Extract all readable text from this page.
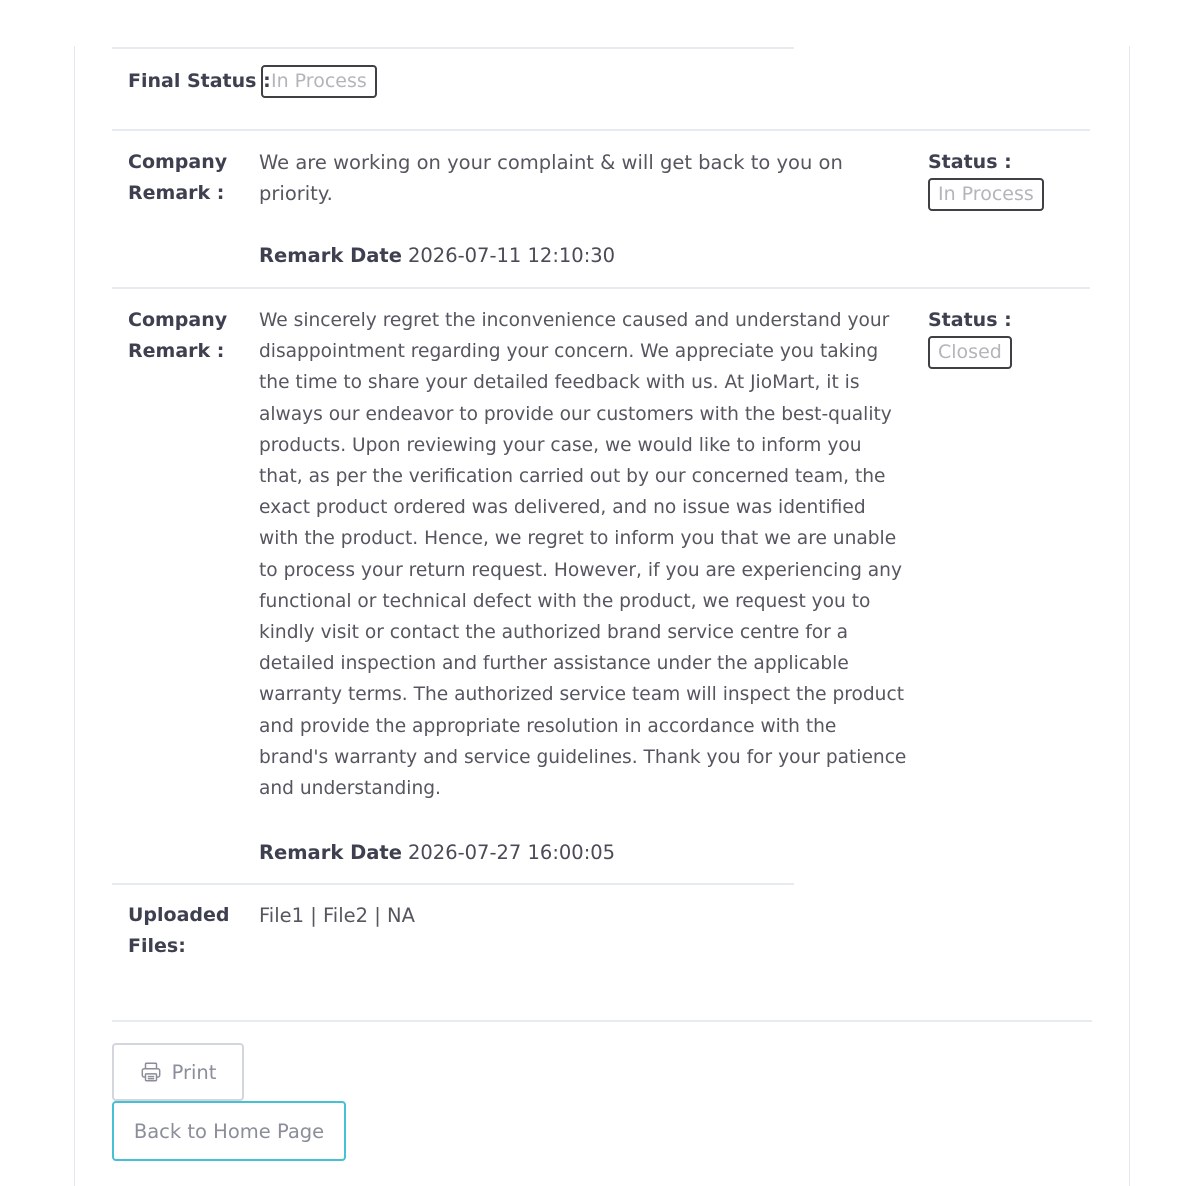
Final Status : In Process
Company
Remark :
We are working on your complaint & will get back to you on priority.
Remark Date 2026-07-11 12:10:30
Status :
In Process
Company
Remark :
We sincerely regret the inconvenience caused and understand your disappointment regarding your concern. We appreciate you taking the time to share your detailed feedback with us. At JioMart, it is always our endeavor to provide our customers with the best-quality products. Upon reviewing your case, we would like to inform you that, as per the verification carried out by our concerned team, the exact product ordered was delivered, and no issue was identified with the product. Hence, we regret to inform you that we are unable to process your return request. However, if you are experiencing any functional or technical defect with the product, we request you to kindly visit or contact the authorized brand service centre for a detailed inspection and further assistance under the applicable warranty terms. The authorized service team will inspect the product and provide the appropriate resolution in accordance with the brand's warranty and service guidelines. Thank you for your patience and understanding.
Remark Date 2026-07-27 16:00:05
Status :
Closed
Uploaded
Files:
File1 | File2 | NA
Print
Back to Home Page
